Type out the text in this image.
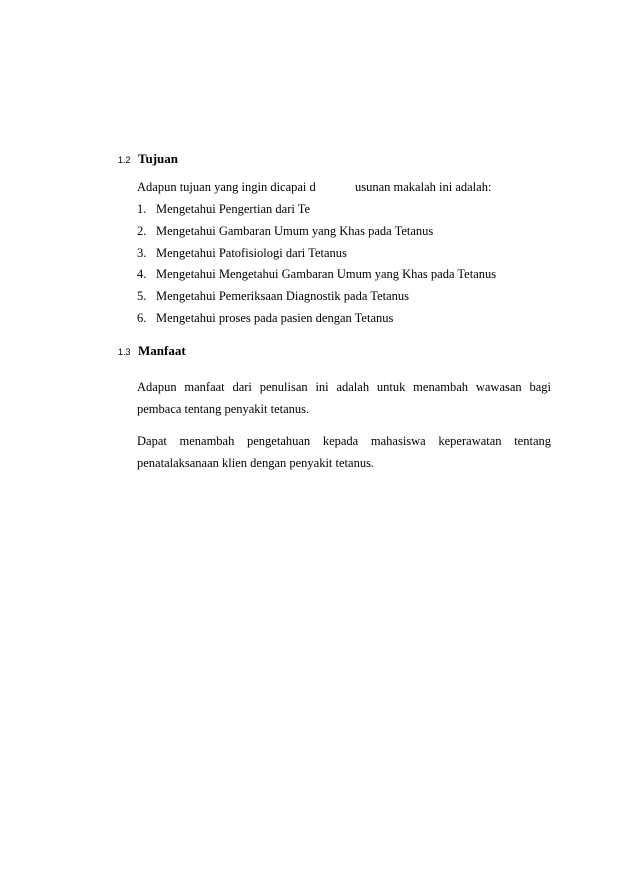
1.2 Tujuan
Adapun tujuan yang ingin dicapai d	usunan makalah ini adalah:
1. Mengetahui Pengertian dari Te
2. Mengetahui Gambaran Umum yang Khas pada Tetanus
3. Mengetahui Patofisiologi dari Tetanus
4. Mengetahui Mengetahui Gambaran Umum yang Khas pada Tetanus
5. Mengetahui Pemeriksaan Diagnostik pada Tetanus
6. Mengetahui proses pada pasien dengan Tetanus
1.3 Manfaat
Adapun manfaat dari penulisan ini adalah untuk menambah wawasan bagi
pembaca tentang penyakit tetanus.
Dapat menambah pengetahuan kepada mahasiswa keperawatan tentang
penatalaksanaan klien dengan penyakit tetanus.
